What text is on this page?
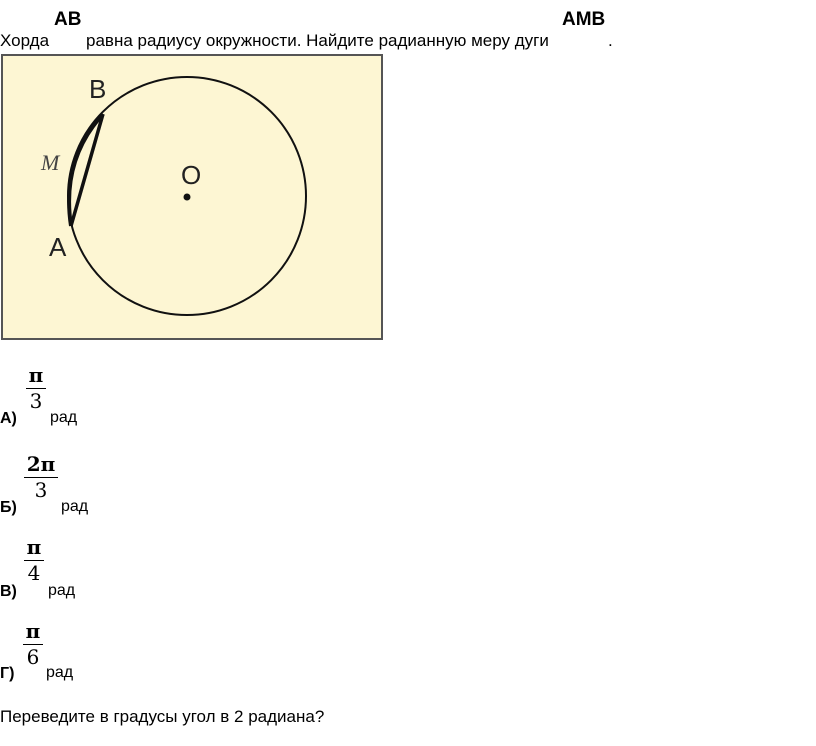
Хорда
AB
равна радиусу окружности. Найдите радианную меру дуги
AMB
.
B
A
M	O
π
3
А) рад
2π
3
Б)	рад
π
4
В) рад
π
6
Г) рад
Переведите в градусы угол в 2 радиана?
